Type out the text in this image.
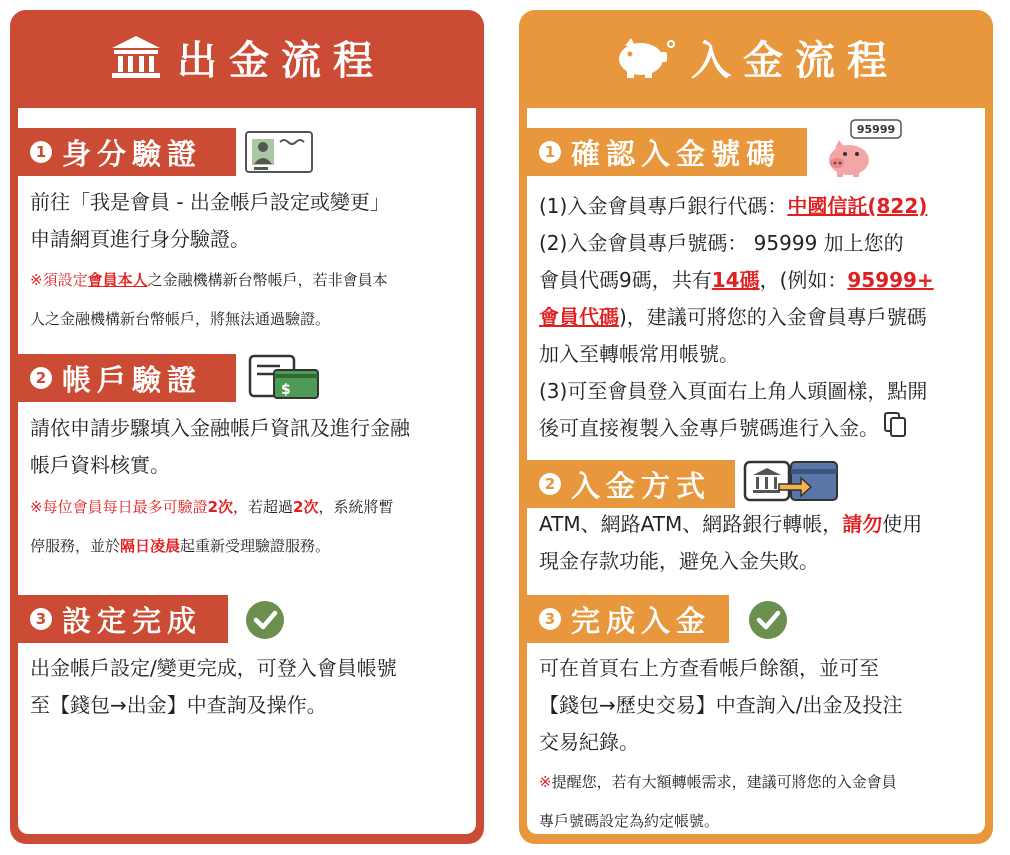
出金流程
1 身分驗證
前往「我是會員 - 出金帳戶設定或變更」
申請網頁進行身分驗證。
※須設定會員本人之金融機構新台幣帳戶，若非會員本
人之金融機構新台幣帳戶，將無法通過驗證。
2 帳戶驗證	$
請依申請步驟填入金融帳戶資訊及進行金融
帳戶資料核實。
※每位會員每日最多可驗證2次，若超過2次，系統將暫
停服務，並於隔日凌晨起重新受理驗證服務。
3 設定完成
出金帳戶設定/變更完成，可登入會員帳號
至【錢包→出金】中查詢及操作。
入金流程
1 確認入金號碼
95999
(1)入金會員專戶銀行代碼：中國信託(822)
(2)入金會員專戶號碼： 95999 加上您的
會員代碼9碼，共有14碼，(例如：95999+
會員代碼)，建議可將您的入金會員專戶號碼
加入至轉帳常用帳號。
(3)可至會員登入頁面右上角人頭圖樣，點開
後可直接複製入金專戶號碼進行入金。
2 入金方式
ATM、網路ATM、網路銀行轉帳，請勿使用
現金存款功能，避免入金失敗。
3 完成入金
可在首頁右上方查看帳戶餘額，並可至
【錢包→歷史交易】中查詢入/出金及投注
交易紀錄。
※提醒您，若有大額轉帳需求，建議可將您的入金會員
專戶號碼設定為約定帳號。
